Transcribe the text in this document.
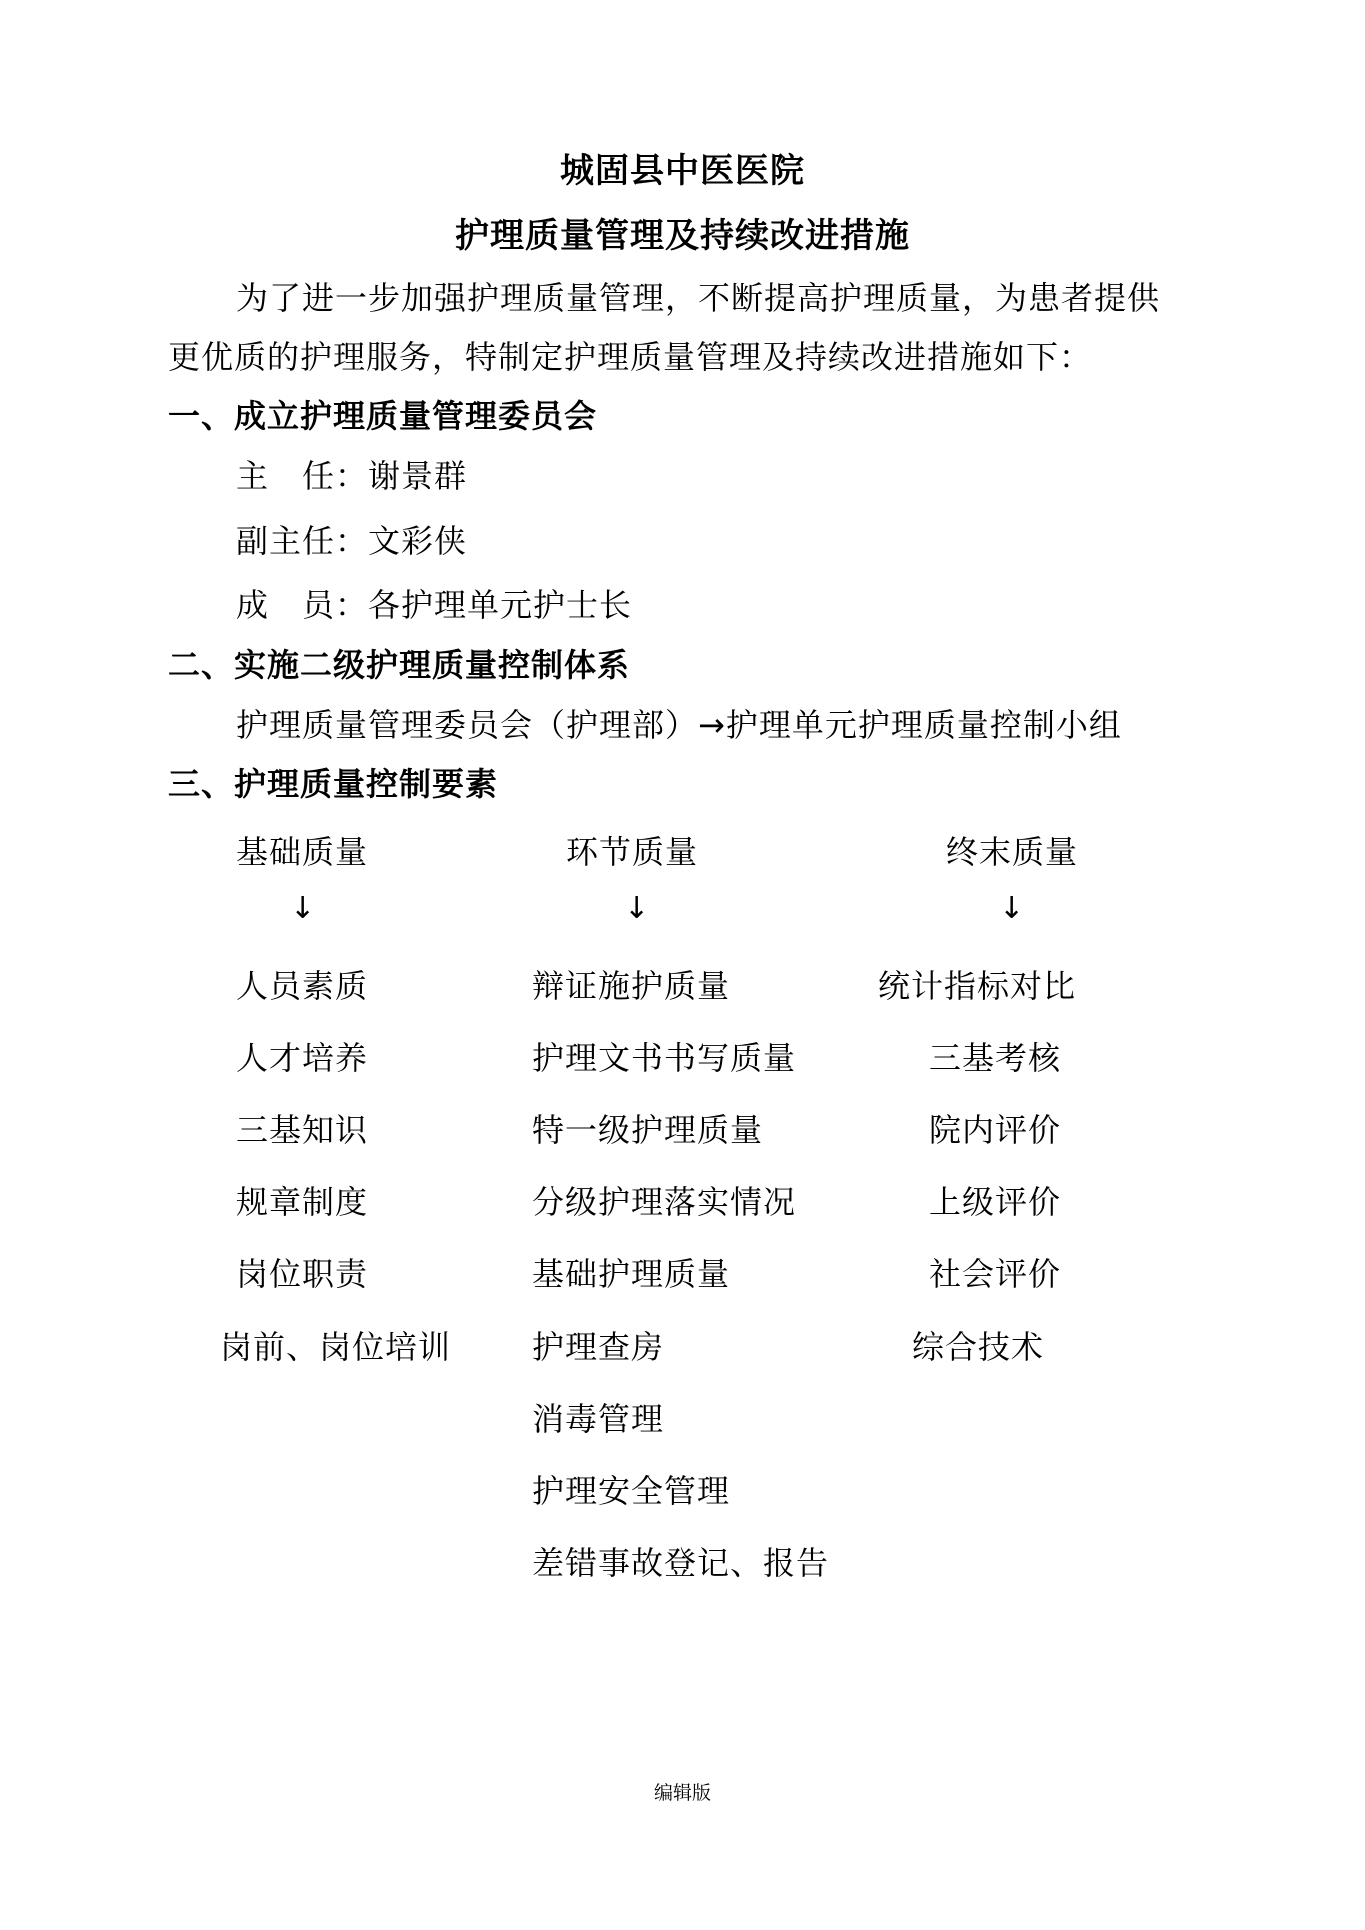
城固县中医医院
护理质量管理及持续改进措施
为了进一步加强护理质量管理，不断提高护理质量，为患者提供
更优质的护理服务，特制定护理质量管理及持续改进措施如下：
一、成立护理质量管理委员会
主　任：谢景群
副主任：文彩侠
成　员：各护理单元护士长
二、实施二级护理质量控制体系
护理质量管理委员会（护理部）→护理单元护理质量控制小组
三、护理质量控制要素
基础质量
↓
人员素质
人才培养
三基知识
规章制度
岗位职责
岗前、岗位培训
环节质量
↓
辩证施护质量
护理文书书写质量
特一级护理质量
分级护理落实情况
基础护理质量
护理查房
消毒管理
护理安全管理
差错事故登记、报告
终末质量
↓
统计指标对比
三基考核
院内评价
上级评价
社会评价
综合技术
编辑版
